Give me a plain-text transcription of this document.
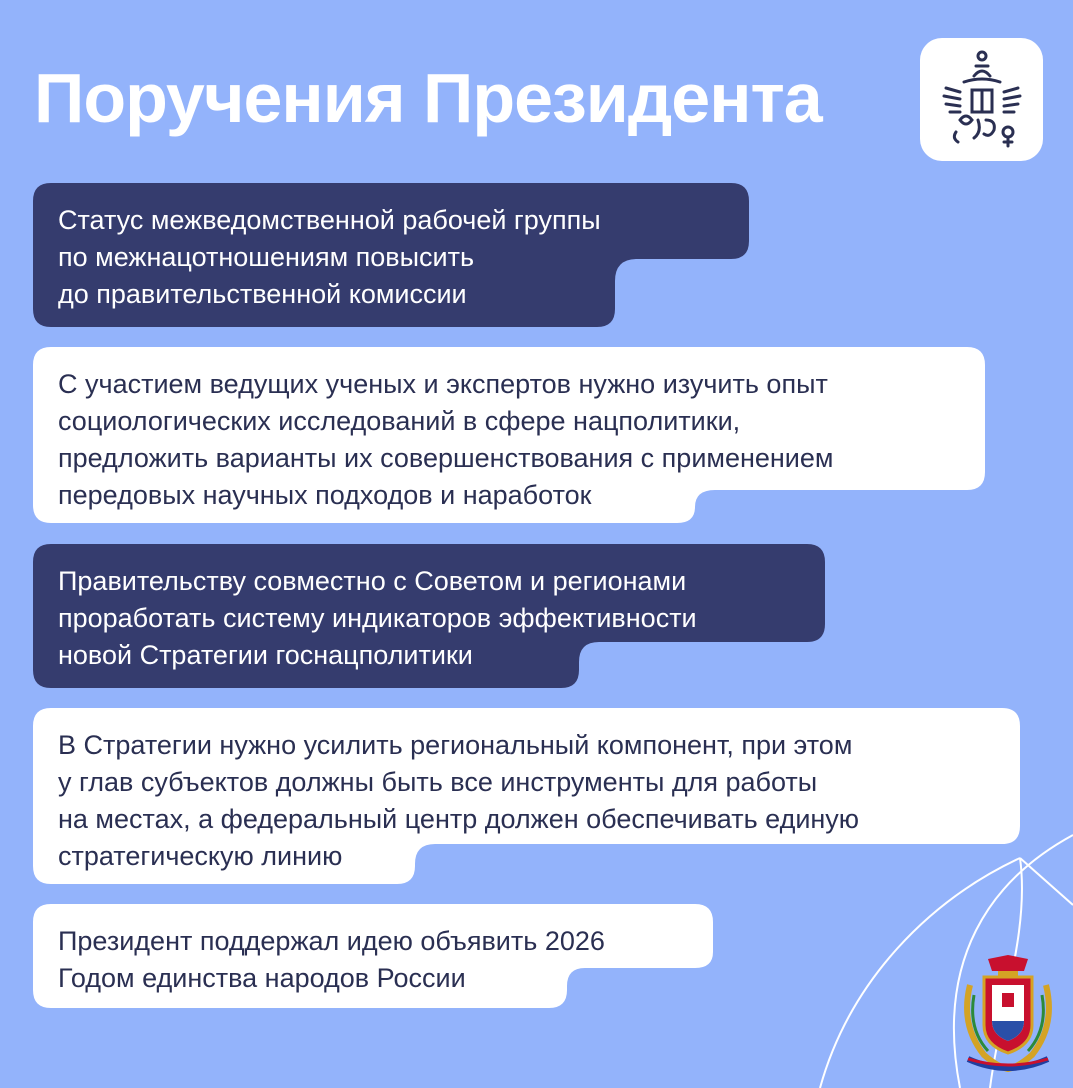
Поручения Президента
Статус межведомственной рабочей группы
по межнацотношениям повысить
до правительственной комиссии
С участием ведущих ученых и экспертов нужно изучить опыт
социологических исследований в сфере нацполитики,
предложить варианты их совершенствования с применением
передовых научных подходов и наработок
Правительству совместно с Советом и регионами
проработать систему индикаторов эффективности
новой Стратегии госнацполитики
В Стратегии нужно усилить региональный компонент, при этом
у глав субъектов должны быть все инструменты для работы
на местах, а федеральный центр должен обеспечивать единую
стратегическую линию
Президент поддержал идею объявить 2026
Годом единства народов России
